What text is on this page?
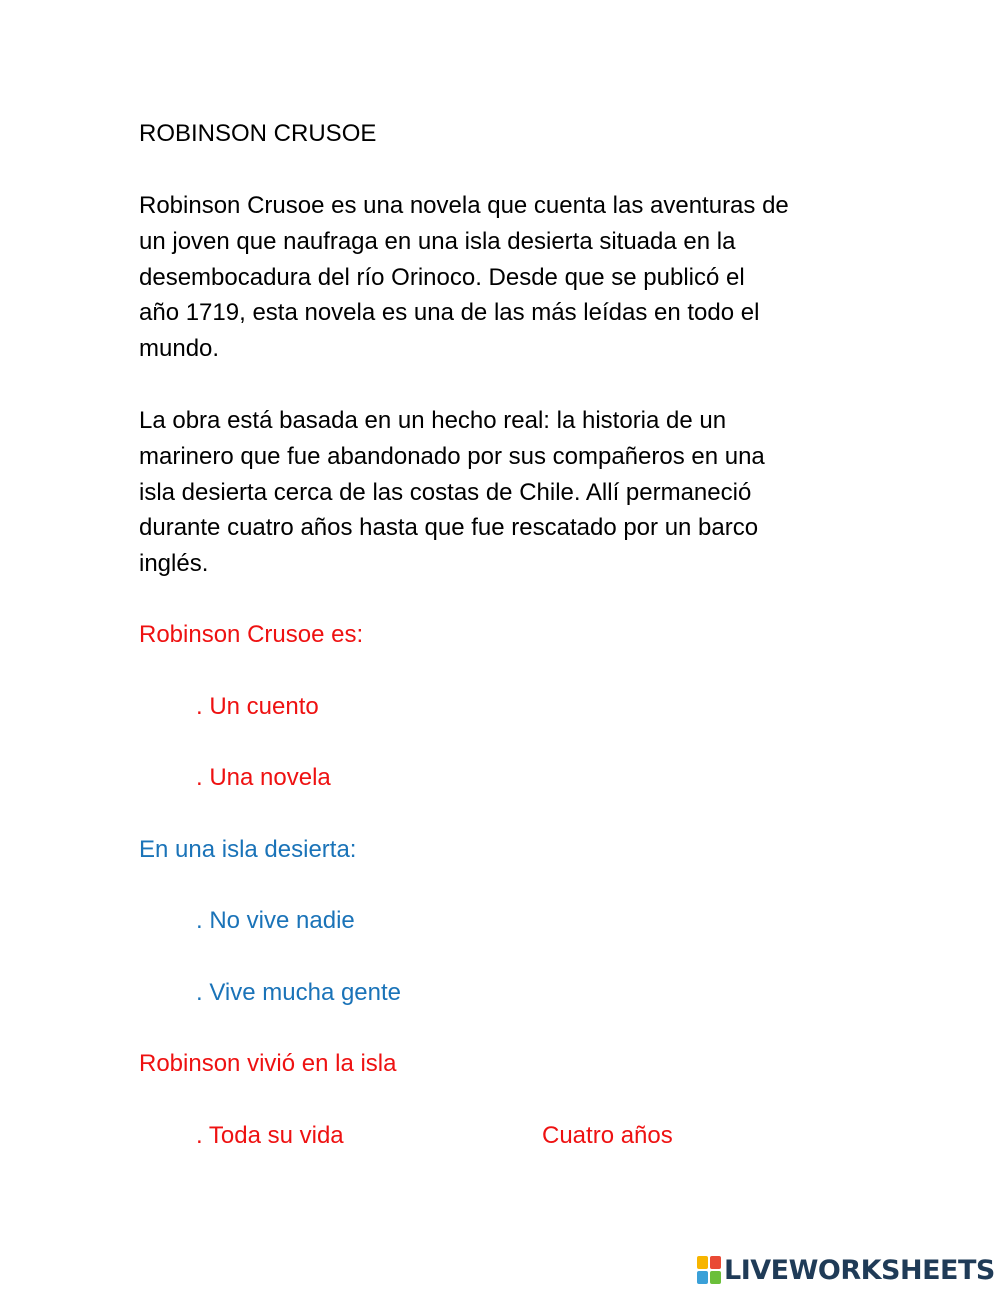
ROBINSON CRUSOE
Robinson Crusoe es una novela que cuenta las aventuras de
un joven que naufraga en una isla desierta situada en la
desembocadura del río Orinoco. Desde que se publicó el
año 1719, esta novela es una de las más leídas en todo el
mundo.
La obra está basada en un hecho real: la historia de un
marinero que fue abandonado por sus compañeros en una
isla desierta cerca de las costas de Chile. Allí permaneció
durante cuatro años hasta que fue rescatado por un barco
inglés.
Robinson Crusoe es:
. Un cuento
. Una novela
En una isla desierta:
. No vive nadie
. Vive mucha gente
Robinson vivió en la isla
. Toda su vida	Cuatro años
LIVEWORKSHEETS
